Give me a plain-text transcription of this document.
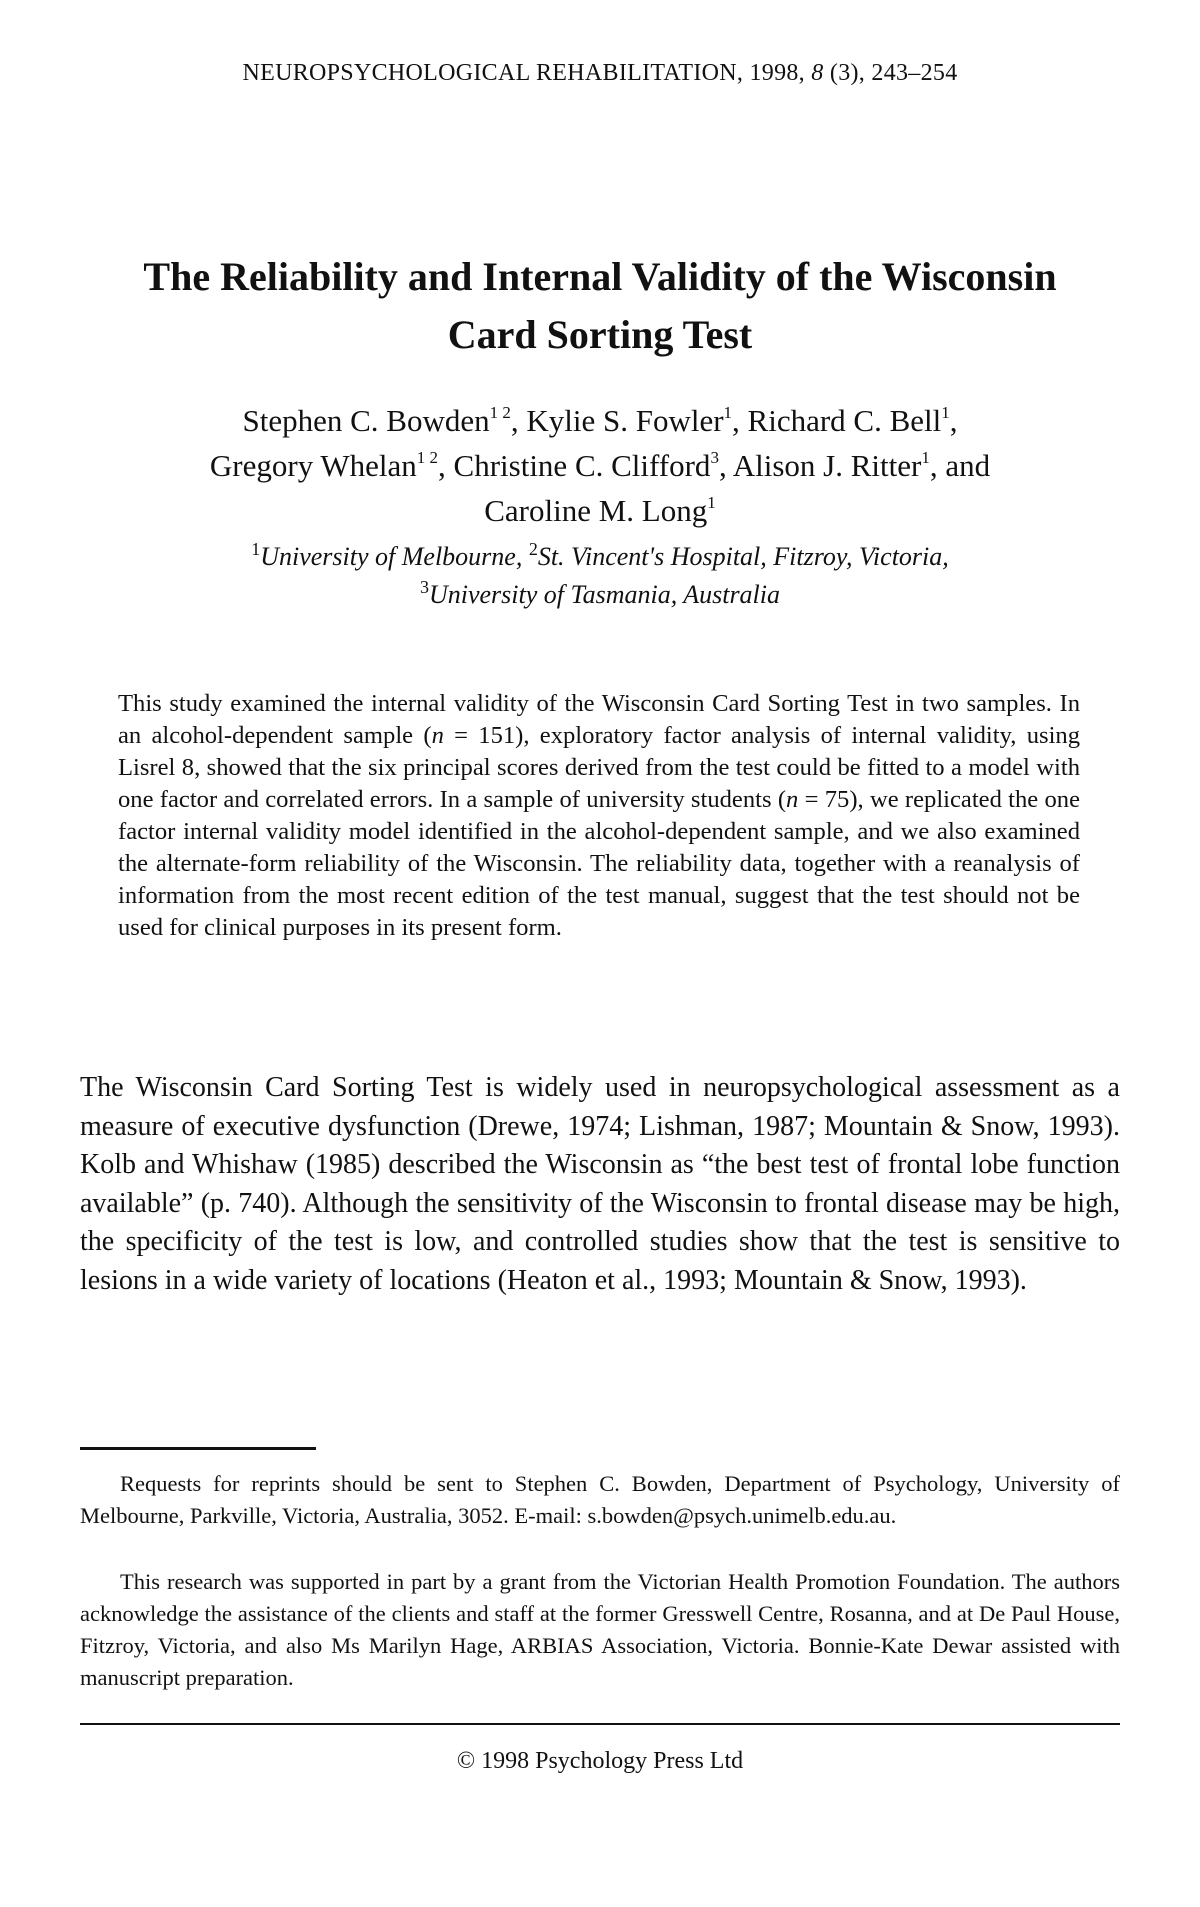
NEUROPSYCHOLOGICAL REHABILITATION, 1998, 8 (3), 243–254
The Reliability and Internal Validity of the Wisconsin
Card Sorting Test
Stephen C. Bowden$^{1 2}$, Kylie S. Fowler$^1$, Richard C. Bell$^1$,
Gregory Whelan$^{1 2}$, Christine C. Clifford$^3$, Alison J. Ritter$^1$, and
Caroline M. Long$^1$
$^1$University of Melbourne, $^2$St. Vincent's Hospital, Fitzroy, Victoria,
$^3$University of Tasmania, Australia
This study examined the internal validity of the Wisconsin Card Sorting Test in two samples. In an alcohol-dependent sample (n = 151), exploratory factor analysis of internal validity, using Lisrel 8, showed that the six principal scores derived from the test could be fitted to a model with one factor and correlated errors. In a sample of university students (n = 75), we replicated the one factor internal validity model identified in the alcohol-dependent sample, and we also examined the alternate-form reliability of the Wisconsin. The reliability data, together with a reanalysis of information from the most recent edition of the test manual, suggest that the test should not be used for clinical purposes in its present form.

The Wisconsin Card Sorting Test is widely used in neuropsychological assessment as a measure of executive dysfunction (Drewe, 1974; Lishman, 1987; Mountain & Snow, 1993). Kolb and Whishaw (1985) described the Wisconsin as “the best test of frontal lobe function available” (p. 740). Although the sensitivity of the Wisconsin to frontal disease may be high, the specificity of the test is low, and controlled studies show that the test is sensitive to lesions in a wide variety of locations (Heaton et al., 1993; Mountain & Snow, 1993).

Requests for reprints should be sent to Stephen C. Bowden, Department of Psychology, University of Melbourne, Parkville, Victoria, Australia, 3052. E-mail: s.bowden@psych.unimelb.edu.au.

This research was supported in part by a grant from the Victorian Health Promotion Foundation. The authors acknowledge the assistance of the clients and staff at the former Gresswell Centre, Rosanna, and at De Paul House, Fitzroy, Victoria, and also Ms Marilyn Hage, ARBIAS Association, Victoria. Bonnie-Kate Dewar assisted with manuscript preparation.

© 1998 Psychology Press Ltd
